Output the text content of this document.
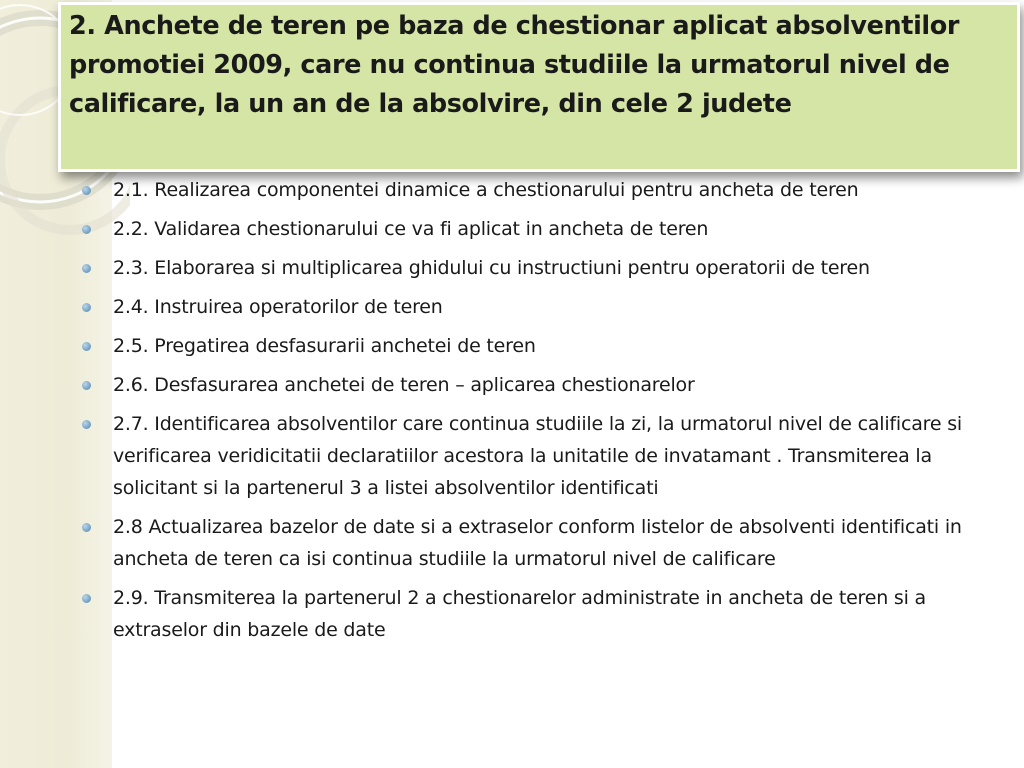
2. Anchete de teren pe baza de chestionar aplicat absolventilor promotiei 2009, care nu continua studiile la urmatorul nivel de calificare, la un an de la absolvire, din cele 2 judete
2.1. Realizarea componentei dinamice a chestionarului pentru ancheta de teren
2.2. Validarea chestionarului ce va fi aplicat in ancheta de teren
2.3. Elaborarea si multiplicarea ghidului cu instructiuni pentru operatorii de teren
2.4. Instruirea operatorilor de teren
2.5. Pregatirea desfasurarii anchetei de teren
2.6. Desfasurarea anchetei de teren – aplicarea chestionarelor
2.7. Identificarea absolventilor care continua studiile la zi, la urmatorul nivel de calificare si verificarea veridicitatii declaratiilor acestora la unitatile de invatamant . Transmiterea la solicitant si la partenerul 3 a listei absolventilor identificati
2.8 Actualizarea bazelor de date si a extraselor conform listelor de absolventi identificati in ancheta de teren ca isi continua studiile la urmatorul nivel de calificare
2.9. Transmiterea la partenerul 2 a chestionarelor administrate in ancheta de teren si a extraselor din bazele de date
